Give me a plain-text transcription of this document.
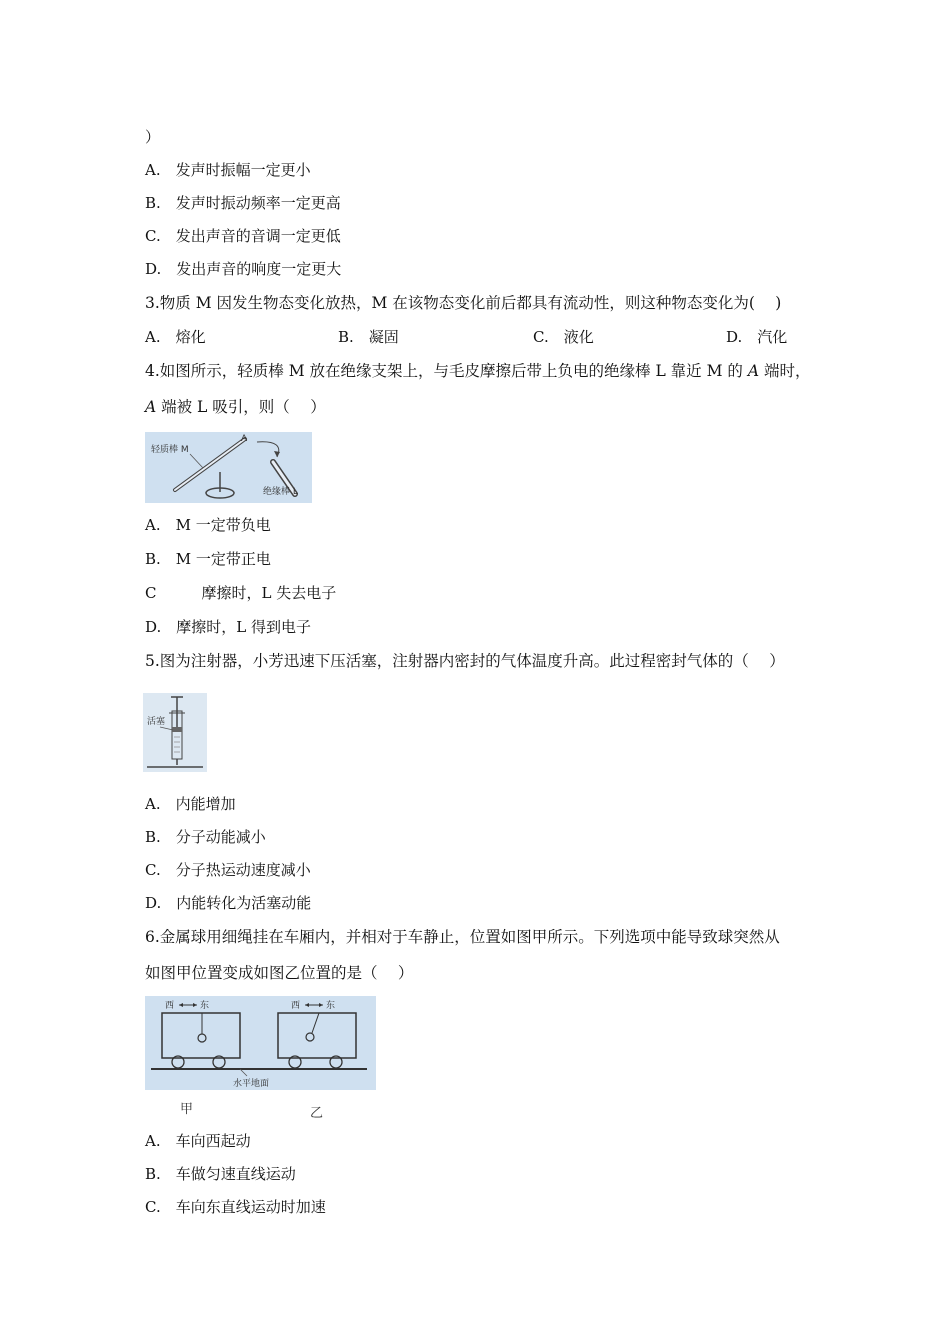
）
A.　发声时振幅一定更小
B.　发声时振动频率一定更高
C.　发出声音的音调一定更低
D.　发出声音的响度一定更大
3.物质 M 因发生物态变化放热，M 在该物态变化前后都具有流动性，则这种物态变化为(　 )
A.　熔化	B.　凝固	C.　液化	D.　汽化
4.如图所示，轻质棒 M 放在绝缘支架上，与毛皮摩擦后带上负电的绝缘棒 L 靠近 M 的 A 端时，
A 端被 L 吸引，则（　 ）
轻质棒 M
绝缘棒 L
A
A.　M 一定带负电
B.　M 一定带正电
C　　　摩擦时，L 失去电子
D.　摩擦时，L 得到电子
5.图为注射器，小芳迅速下压活塞，注射器内密封的气体温度升高。此过程密封气体的（　 ）
活塞
A.　内能增加
B.　分子动能减小
C.　分子热运动速度减小
D.　内能转化为活塞动能
6.金属球用细绳挂在车厢内，并相对于车静止，位置如图甲所示。下列选项中能导致球突然从
如图甲位置变成如图乙位置的是（　 ）
西	东	西	东
水平地面
甲	乙
A.　车向西起动
B.　车做匀速直线运动
C.　车向东直线运动时加速
